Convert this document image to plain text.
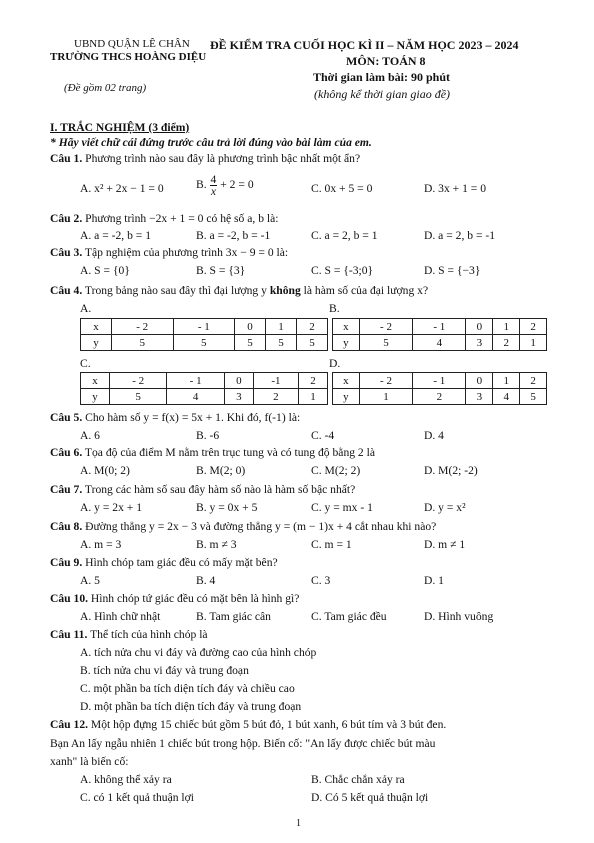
UBND QUẬN LÊ CHÂN
TRƯỜNG THCS HOÀNG DIỆU
(Đề gồm 02 trang)
ĐỀ KIỂM TRA CUỐI HỌC KÌ II – NĂM HỌC 2023 – 2024
MÔN: TOÁN 8
Thời gian làm bài: 90 phút
(không kể thời gian giao đề)
I. TRẮC NGHIỆM (3 điểm)
* Hãy viết chữ cái đứng trước câu trả lời đúng vào bài làm của em.
Câu 1. Phương trình nào sau đây là phương trình bậc nhất một ẩn?
A. x² + 2x − 1 = 0	B. $\frac{4}{x} + 2 = 0$	C. 0x + 5 = 0	D. 3x + 1 = 0
Câu 2. Phương trình −2x + 1 = 0 có hệ số a, b là:
A. a = -2, b = 1	B. a = -2, b = -1	C. a = 2, b = 1	D. a = 2, b = -1
Câu 3. Tập nghiệm của phương trình 3x − 9 = 0 là:
A. S = {0}	B. S = {3}	C. S = {-3;0}	D. S = {−3}
Câu 4. Trong bảng nào sau đây thì đại lượng y không là hàm số của đại lượng x?
A.	B.
C.	D.
x	- 2	- 1	0	1	2
y	5	5	5	5	5
x	- 2	- 1	0	1	2
y	5	4	3	2	1
x	- 2	- 1	0	-1	2
y	5	4	3	2	1
x	- 2	- 1	0	1	2
y	1	2	3	4	5
Câu 5. Cho hàm số y = f(x) = 5x + 1. Khi đó, f(-1) là:
A. 6	B. -6	C. -4	D. 4
Câu 6. Tọa độ của điểm M nằm trên trục tung và có tung độ bằng 2 là
A. M(0; 2)	B. M(2; 0)	C. M(2; 2)	D. M(2; -2)
Câu 7. Trong các hàm số sau đây hàm số nào là hàm số bậc nhất?
A. y = 2x + 1	B. y = 0x + 5	C. y = mx - 1	D. y = x²
Câu 8. Đường thẳng y = 2x − 3 và đường thẳng y = (m − 1)x + 4 cắt nhau khi nào?
A. m = 3	B. m ≠ 3	C. m = 1	D. m ≠ 1
Câu 9. Hình chóp tam giác đều có mấy mặt bên?
A. 5	B. 4	C. 3	D. 1
Câu 10. Hình chóp tứ giác đều có mặt bên là hình gì?
A. Hình chữ nhật	B. Tam giác cân	C. Tam giác đều	D. Hình vuông
Câu 11. Thể tích của hình chóp là
A. tích nửa chu vi đáy và đường cao của hình chóp
B. tích nửa chu vi đáy và trung đoạn
C. một phần ba tích diện tích đáy và chiều cao
D. một phần ba tích diện tích đáy và trung đoạn
Câu 12. Một hộp đựng 15 chiếc bút gồm 5 bút đỏ, 1 bút xanh, 6 bút tím và 3 bút đen.
Bạn An lấy ngẫu nhiên 1 chiếc bút trong hộp. Biến cố: "An lấy được chiếc bút màu
xanh" là biến cố:
A. không thể xảy ra	B. Chắc chắn xảy ra
C. có 1 kết quả thuận lợi	D. Có 5 kết quả thuận lợi
1
